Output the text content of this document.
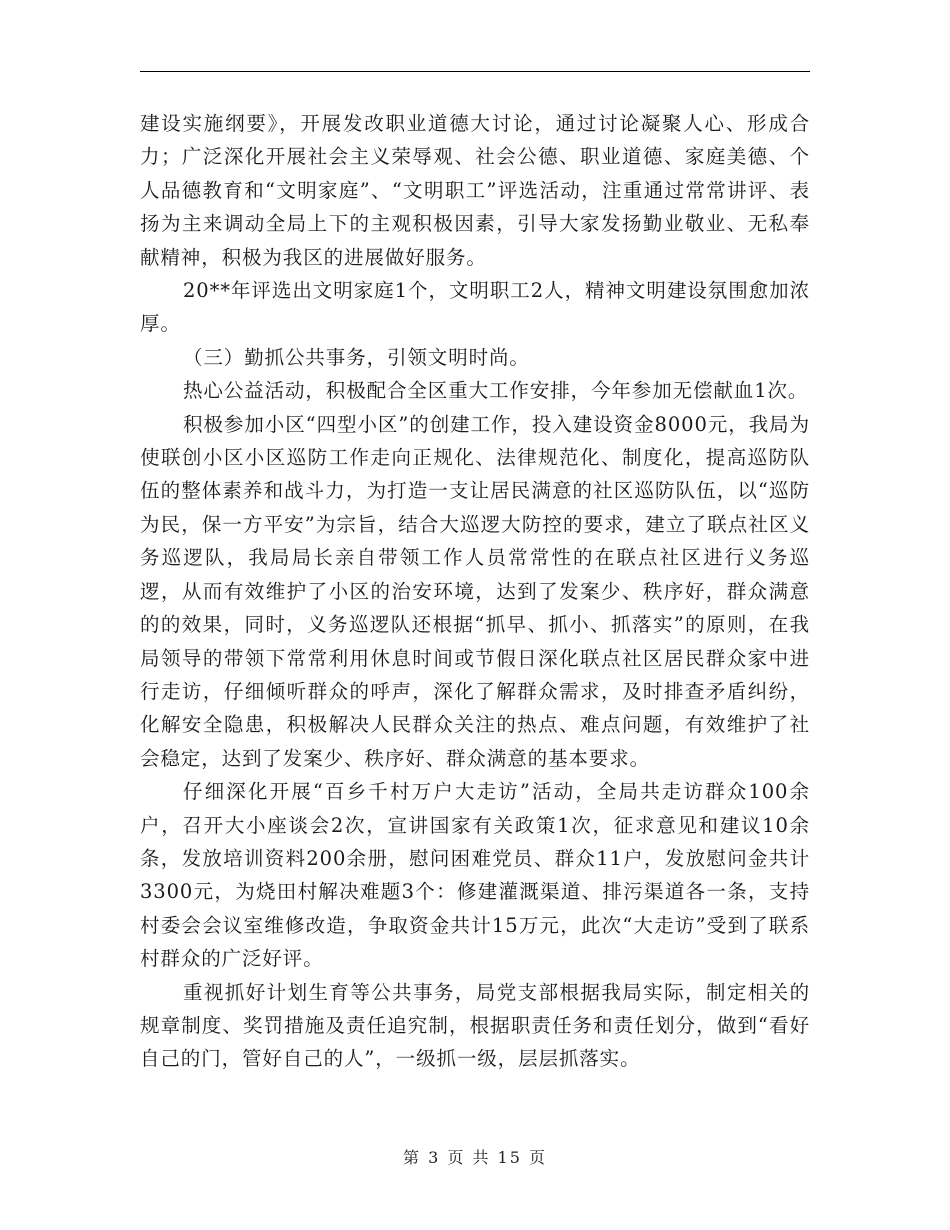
建设实施纲要》，开展发改职业道德大讨论，通过讨论凝聚人心、形成合力；广泛深化开展社会主义荣辱观、社会公德、职业道德、家庭美德、个人品德教育和“文明家庭”、“文明职工”评选活动，注重通过常常讲评、表扬为主来调动全局上下的主观积极因素，引导大家发扬勤业敬业、无私奉献精神，积极为我区的进展做好服务。

20**年评选出文明家庭1个，文明职工2人，精神文明建设氛围愈加浓厚。

（三）勤抓公共事务，引领文明时尚。

热心公益活动，积极配合全区重大工作安排，今年参加无偿献血1次。

积极参加小区“四型小区”的创建工作，投入建设资金8000元，我局为使联创小区小区巡防工作走向正规化、法律规范化、制度化，提高巡防队伍的整体素养和战斗力，为打造一支让居民满意的社区巡防队伍，以“巡防为民，保一方平安”为宗旨，结合大巡逻大防控的要求，建立了联点社区义务巡逻队，我局局长亲自带领工作人员常常性的在联点社区进行义务巡逻，从而有效维护了小区的治安环境，达到了发案少、秩序好，群众满意的的效果，同时，义务巡逻队还根据“抓早、抓小、抓落实”的原则，在我局领导的带领下常常利用休息时间或节假日深化联点社区居民群众家中进行走访，仔细倾听群众的呼声，深化了解群众需求，及时排查矛盾纠纷，化解安全隐患，积极解决人民群众关注的热点、难点问题，有效维护了社会稳定，达到了发案少、秩序好、群众满意的基本要求。

仔细深化开展“百乡千村万户大走访”活动，全局共走访群众100余户，召开大小座谈会2次，宣讲国家有关政策1次，征求意见和建议10余条，发放培训资料200余册，慰问困难党员、群众11户，发放慰问金共计3300元，为烧田村解决难题3个：修建灌溉渠道、排污渠道各一条，支持村委会会议室维修改造，争取资金共计15万元，此次“大走访”受到了联系村群众的广泛好评。

重视抓好计划生育等公共事务，局党支部根据我局实际，制定相关的规章制度、奖罚措施及责任追究制，根据职责任务和责任划分，做到“看好自己的门，管好自己的人”，一级抓一级，层层抓落实。

第 3 页 共 15 页
